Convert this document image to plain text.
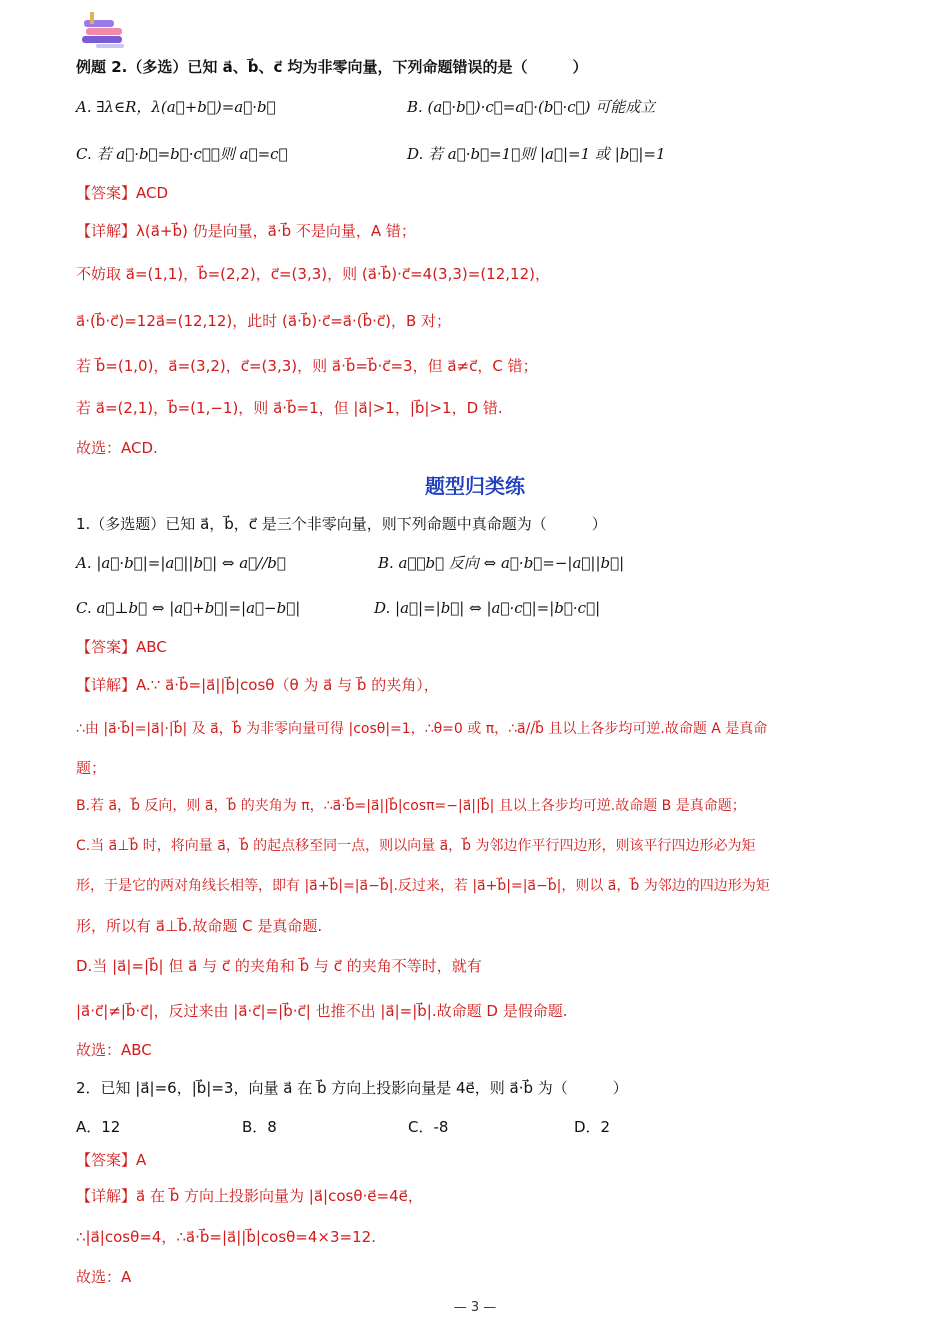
例题 2.（多选）已知 a⃗、b⃗、c⃗ 均为非零向量，下列命题错误的是（　　　）
A. ∃λ∈R，λ(a⃗+b⃗)=a⃗·b⃗	B. (a⃗·b⃗)·c⃗=a⃗·(b⃗·c⃗) 可能成立
C. 若 a⃗·b⃗=b⃗·c⃗，则 a⃗=c⃗	D. 若 a⃗·b⃗=1，则 |a⃗|=1 或 |b⃗|=1
【答案】ACD
【详解】λ(a⃗+b⃗) 仍是向量，a⃗·b⃗ 不是向量，A 错；
不妨取 a⃗=(1,1)，b⃗=(2,2)，c⃗=(3,3)，则 (a⃗·b⃗)·c⃗=4(3,3)=(12,12)，
a⃗·(b⃗·c⃗)=12a⃗=(12,12)，此时 (a⃗·b⃗)·c⃗=a⃗·(b⃗·c⃗)，B 对；
若 b⃗=(1,0)，a⃗=(3,2)，c⃗=(3,3)，则 a⃗·b⃗=b⃗·c⃗=3，但 a⃗≠c⃗，C 错；
若 a⃗=(2,1)，b⃗=(1,−1)，则 a⃗·b⃗=1，但 |a⃗|>1，|b⃗|>1，D 错.
故选：ACD.
题型归类练
1.（多选题）已知 a⃗，b⃗，c⃗ 是三个非零向量，则下列命题中真命题为（　　　）
A. |a⃗·b⃗|=|a⃗||b⃗| ⇔ a⃗//b⃗	B. a⃗，b⃗ 反向 ⇔ a⃗·b⃗=−|a⃗||b⃗|
C. a⃗⊥b⃗ ⇔ |a⃗+b⃗|=|a⃗−b⃗|	D. |a⃗|=|b⃗| ⇔ |a⃗·c⃗|=|b⃗·c⃗|
【答案】ABC
【详解】A.∵ a⃗·b⃗=|a⃗||b⃗|cosθ（θ 为 a⃗ 与 b⃗ 的夹角），
∴由 |a⃗·b⃗|=|a⃗|·|b⃗| 及 a⃗，b⃗ 为非零向量可得 |cosθ|=1，∴θ=0 或 π，∴a⃗//b⃗ 且以上各步均可逆.故命题 A 是真命
题；
B.若 a⃗，b⃗ 反向，则 a⃗，b⃗ 的夹角为 π，∴a⃗·b⃗=|a⃗||b⃗|cosπ=−|a⃗||b⃗| 且以上各步均可逆.故命题 B 是真命题；
C.当 a⃗⊥b⃗ 时，将向量 a⃗，b⃗ 的起点移至同一点，则以向量 a⃗，b⃗ 为邻边作平行四边形，则该平行四边形必为矩
形，于是它的两对角线长相等，即有 |a⃗+b⃗|=|a⃗−b⃗|.反过来，若 |a⃗+b⃗|=|a⃗−b⃗|，则以 a⃗，b⃗ 为邻边的四边形为矩
形，所以有 a⃗⊥b⃗.故命题 C 是真命题.
D.当 |a⃗|=|b⃗| 但 a⃗ 与 c⃗ 的夹角和 b⃗ 与 c⃗ 的夹角不等时，就有
|a⃗·c⃗|≠|b⃗·c⃗|，反过来由 |a⃗·c⃗|=|b⃗·c⃗| 也推不出 |a⃗|=|b⃗|.故命题 D 是假命题.
故选：ABC
2．已知 |a⃗|=6，|b⃗|=3，向量 a⃗ 在 b⃗ 方向上投影向量是 4e⃗，则 a⃗·b⃗ 为（　　　）
A．12	B．8	C．-8	D．2
【答案】A
【详解】a⃗ 在 b⃗ 方向上投影向量为 |a⃗|cosθ·e⃗=4e⃗，
∴|a⃗|cosθ=4，∴a⃗·b⃗=|a⃗||b⃗|cosθ=4×3=12.
故选：A
— 3 —
